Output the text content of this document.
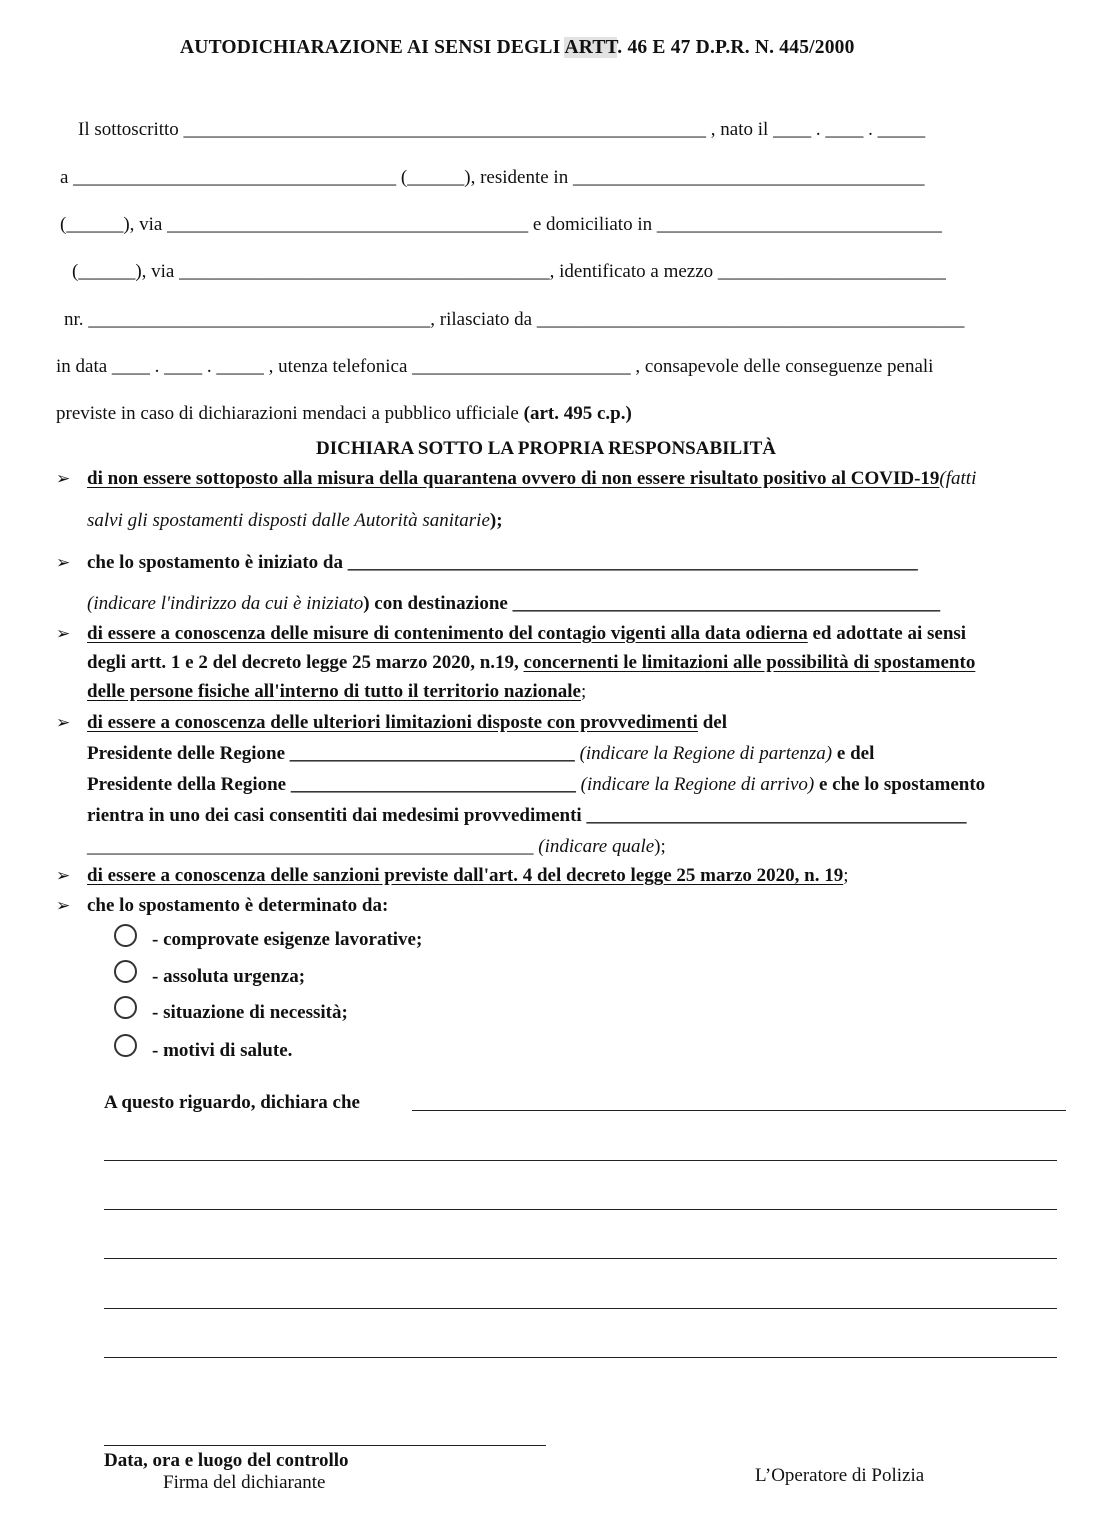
AUTODICHIARAZIONE AI SENSI DEGLI ARTT. 46 E 47 D.P.R. N. 445/2000
Il sottoscritto _______________________________________________________ , nato il ____ . ____ . _____
a __________________________________ (______), residente in _____________________________________
(______), via ______________________________________ e domiciliato in ______________________________
(______), via _______________________________________, identificato a mezzo ________________________
nr. ____________________________________, rilasciato da _____________________________________________
in data ____ . ____ . _____ , utenza telefonica _______________________ , consapevole delle conseguenze penali
previste in caso di dichiarazioni mendaci a pubblico ufficiale (art. 495 c.p.)
DICHIARA SOTTO LA PROPRIA RESPONSABILITÀ
➢ di non essere sottoposto alla misura della quarantena ovvero di non essere risultato positivo al COVID-19(fatti
salvi gli spostamenti disposti dalle Autorità sanitarie);
➢ che lo spostamento è iniziato da ____________________________________________________________
(indicare l'indirizzo da cui è iniziato) con destinazione _____________________________________________
➢ di essere a conoscenza delle misure di contenimento del contagio vigenti alla data odierna ed adottate ai sensi
degli artt. 1 e 2 del decreto legge 25 marzo 2020, n.19, concernenti le limitazioni alle possibilità di spostamento
delle persone fisiche all'interno di tutto il territorio nazionale;
➢ di essere a conoscenza delle ulteriori limitazioni disposte con provvedimenti del
Presidente delle Regione ______________________________ (indicare la Regione di partenza) e del
Presidente della Regione ______________________________ (indicare la Regione di arrivo) e che lo spostamento
rientra in uno dei casi consentiti dai medesimi provvedimenti ________________________________________
_______________________________________________ (indicare quale);
➢ di essere a conoscenza delle sanzioni previste dall'art. 4 del decreto legge 25 marzo 2020, n. 19;
➢ che lo spostamento è determinato da:
- comprovate esigenze lavorative;
- assoluta urgenza;
- situazione di necessità;
- motivi di salute.
A questo riguardo, dichiara che
Data, ora e luogo del controllo
Firma del dichiarante	L’Operatore di Polizia
